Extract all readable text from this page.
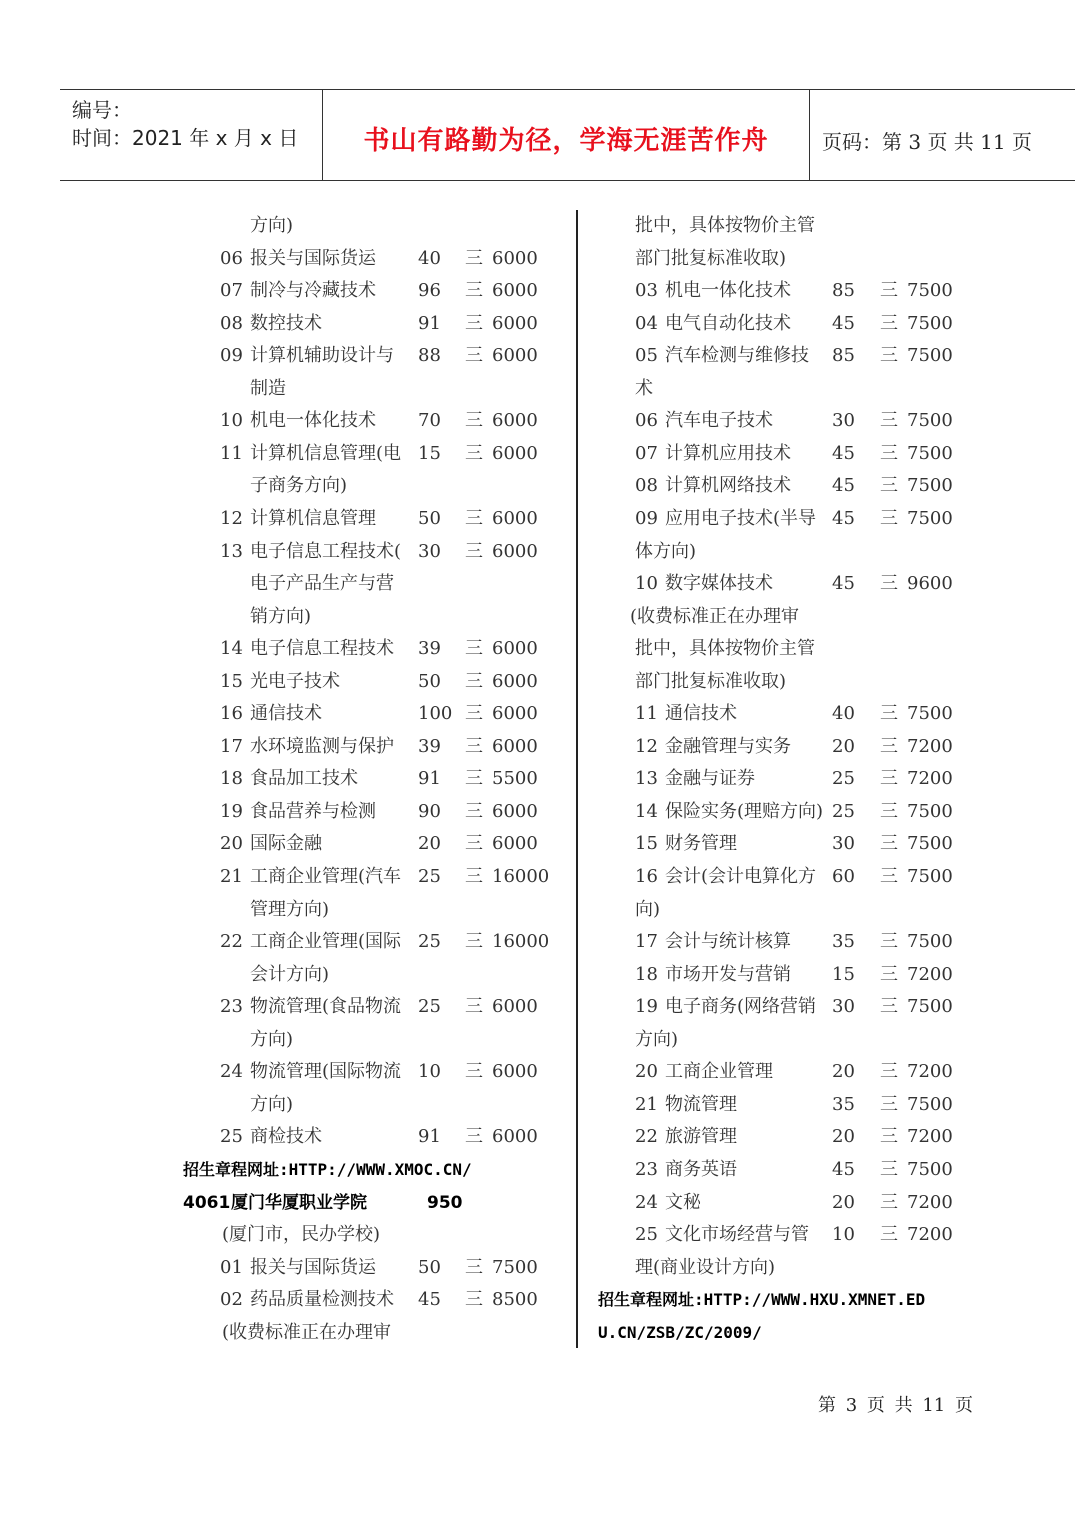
编号：
时间：2021 年 x 月 x 日	书山有路勤为径，学海无涯苦作舟	页码：第 3 页 共 11 页
方向)
06 报关与国际货运 40 三 6000
07 制冷与冷藏技术 96 三 6000
08 数控技术	91 三 6000
09 计算机辅助设计与 88 三 6000
制造
10 机电一体化技术 70 三 6000
11 计算机信息管理(电 15 三 6000
子商务方向)
12 计算机信息管理 50 三 6000
13 电子信息工程技术( 30 三 6000
电子产品生产与营
销方向)
14 电子信息工程技术 39 三 6000
15 光电子技术	50 三 6000
16 通信技术	100 三 6000
17 水环境监测与保护 39 三 6000
18 食品加工技术	91 三 5500
19 食品营养与检测 90 三 6000
20 国际金融	20 三 6000
21 工商企业管理(汽车 25 三 16000
管理方向)
22 工商企业管理(国际 25 三 16000
会计方向)
23 物流管理(食品物流 25 三 6000
方向)
24 物流管理(国际物流 10 三 6000
方向)
25 商检技术	91 三 6000
招生章程网址:HTTP://WWW.XMOC.CN/
4061 厦门华厦职业学院	950
(厦门市，民办学校)
01 报关与国际货运 50 三 7500
02 药品质量检测技术 45 三 8500
(收费标准正在办理审
批中，具体按物价主管
部门批复标准收取)
03 机电一体化技术 85 三 7500
04 电气自动化技术 45 三 7500
05 汽车检测与维修技 85 三 7500
术
06 汽车电子技术	30 三 7500
07 计算机应用技术 45 三 7500
08 计算机网络技术 45 三 7500
09 应用电子技术(半导 45 三 7500
体方向)
10 数字媒体技术	45 三 9600
(收费标准正在办理审
批中，具体按物价主管
部门批复标准收取)
11 通信技术	40 三 7500
12 金融管理与实务 20 三 7200
13 金融与证券	25 三 7200
14 保险实务(理赔方向) 25 三 7500
15 财务管理	30 三 7500
16 会计(会计电算化方 60 三 7500
向)
17 会计与统计核算 35 三 7500
18 市场开发与营销 15 三 7200
19 电子商务(网络营销 30 三 7500
方向)
20 工商企业管理	20 三 7200
21 物流管理	35 三 7500
22 旅游管理	20 三 7200
23 商务英语	45 三 7500
24 文秘	20 三 7200
25 文化市场经营与管 10 三 7200
理(商业设计方向)
招生章程网址:HTTP://WWW.HXU.XMNET.ED
U.CN/ZSB/ZC/2009/
第 3 页 共 11 页
